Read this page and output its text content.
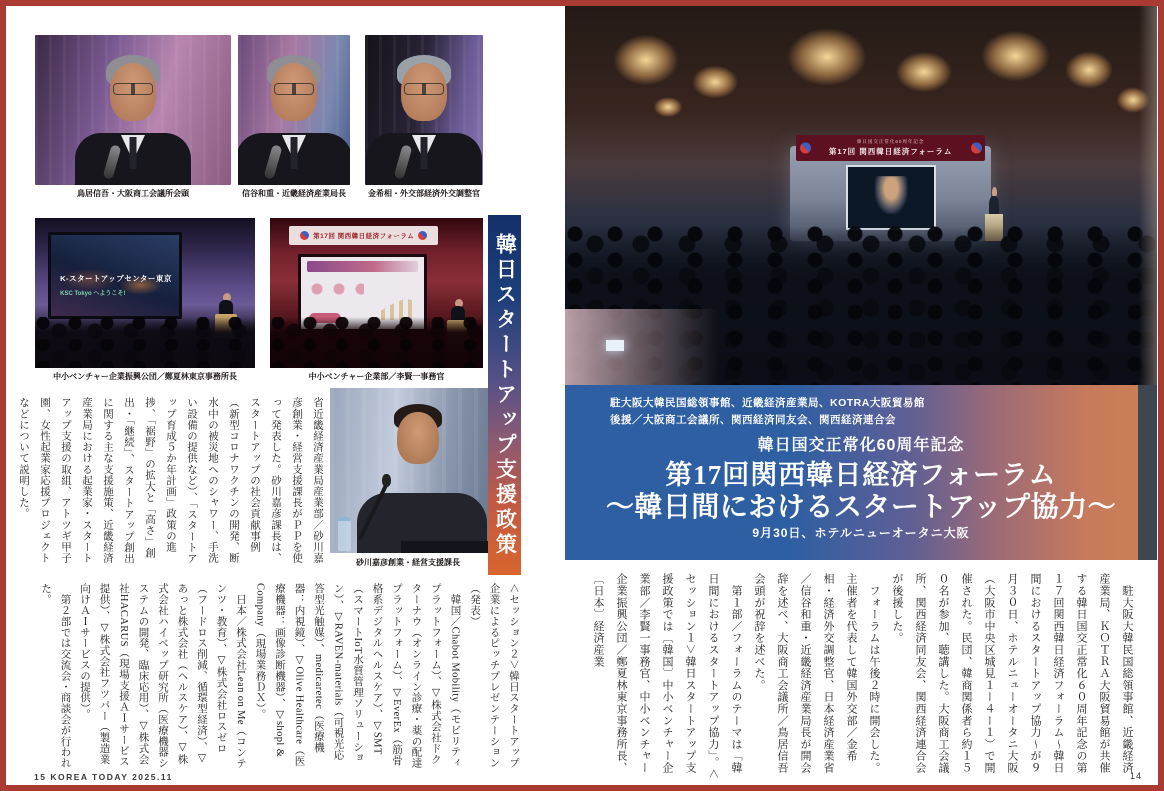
鳥居信吾・大阪商工会議所会頭	信谷和重・近畿経済産業局長	金希相・外交部経済外交調整官
K-スタートアップセンター東京
KSC Tokyo へようこそ!
第17回 関西韓日経済フォーラム
中小ベンチャー企業振興公団／鄭夏林東京事務所長	中小ベンチャー企業部／李賢一事務官	韓日スタートアップ支援政策
砂川嘉彦創業・経営支援課長

省近畿経済産業局産業部／砂川嘉彦創業・経営支援課長がＰＰを使って発表した。砂川嘉彦課長は、スタートアップの社会貢献事例（新型コロナワクチンの開発、断水中の被災地へのシャワー、手洗い設備の提供など）、「スタートアップ育成５か年計画」政策の進捗、「裾野」の拡大と「高さ」創出・「継続」、スタートアップ創出に関する主な支援施策、近畿経済産業局における起業家・スタートアップ支援の取組、アトツギ甲子園、女性起業家応援プロジェクトなどについて説明した。

＜セッション２＞韓日スタートアップ企業によるピッチプレゼンテーション（発表）

　韓国／Chabot Mobility（モビリティプラットフォーム）、▽株式会社ドクターナウ（オンライン診療・薬の配達プラットフォーム）、▽EverEx（筋骨格系デジタルヘルスケア）、▽SMT（スマートIoT水質管理ソリューション）、▽RAVEN-materials（可視光応答型光触媒）、medicaretec（医療機器：内視鏡）、▽Olive Healthcare（医療機器：画像診断機器）、▽shopl & Company（現場業務ＤＸ）。

　日本／株式会社Lean on Me（コンテンツ・教育）、▽株式会社ロスゼロ（フードロス削減、循環型経済）、▽あっと株式会社（ヘルスケア）、▽株式会社ハイベップ研究所（医療機器システムの開発、臨床応用）、▽株式会社HACARUS（現場支援ＡＩサービス提供）、▽株式会社フツパー（製造業向けＡＩサービスの提供）。

　第２部では交流会・商談会が行われた。

15 KOREA TODAY 2025.11
韓日国交正常化60周年記念
第17回 関西韓日経済フォーラム
駐大阪大韓民国総領事館、近畿経済産業局、KOTRA大阪貿易館
後援／大阪商工会議所、関西経済同友会、関西経済連合会
韓日国交正常化60周年記念
第17回関西韓日経済フォーラム
～韓日間におけるスタートアップ協力～
9月30日、ホテルニューオータニ大阪

　駐大阪大韓民国総領事館、近畿経済産業局、ＫＯＴＲＡ大阪貿易館が共催する韓日国交正常化６０周年記念の第１７回関西韓日経済フォーラム～韓日間におけるスタートアップ協力～が９月３０日、ホテルニューオータニ大阪（大阪市中央区城見１ー４ー１）で開催された。民団、韓商関係者ら約１５０名が参加、聴講した。大阪商工会議所、関西経済同友会、関西経済連合会が後援した。

　フォーラムは午後２時に開会した。主催者を代表して韓国外交部／金希相・経済外交調整官、日本経済産業省／信谷和重・近畿経済産業局長が開会辞を述べ、大阪商工会議所／鳥居信吾会頭が祝辞を述べた。

　第１部／フォーラムのテーマは「韓日間におけるスタートアップ協力」。＜セッション１＞韓日スタートアップ支援政策では〔韓国〕中小ベンチャー企業部／李賢一事務官、中小ベンチャー企業振興公団／鄭夏林東京事務所長、〔日本〕経済産業

14
